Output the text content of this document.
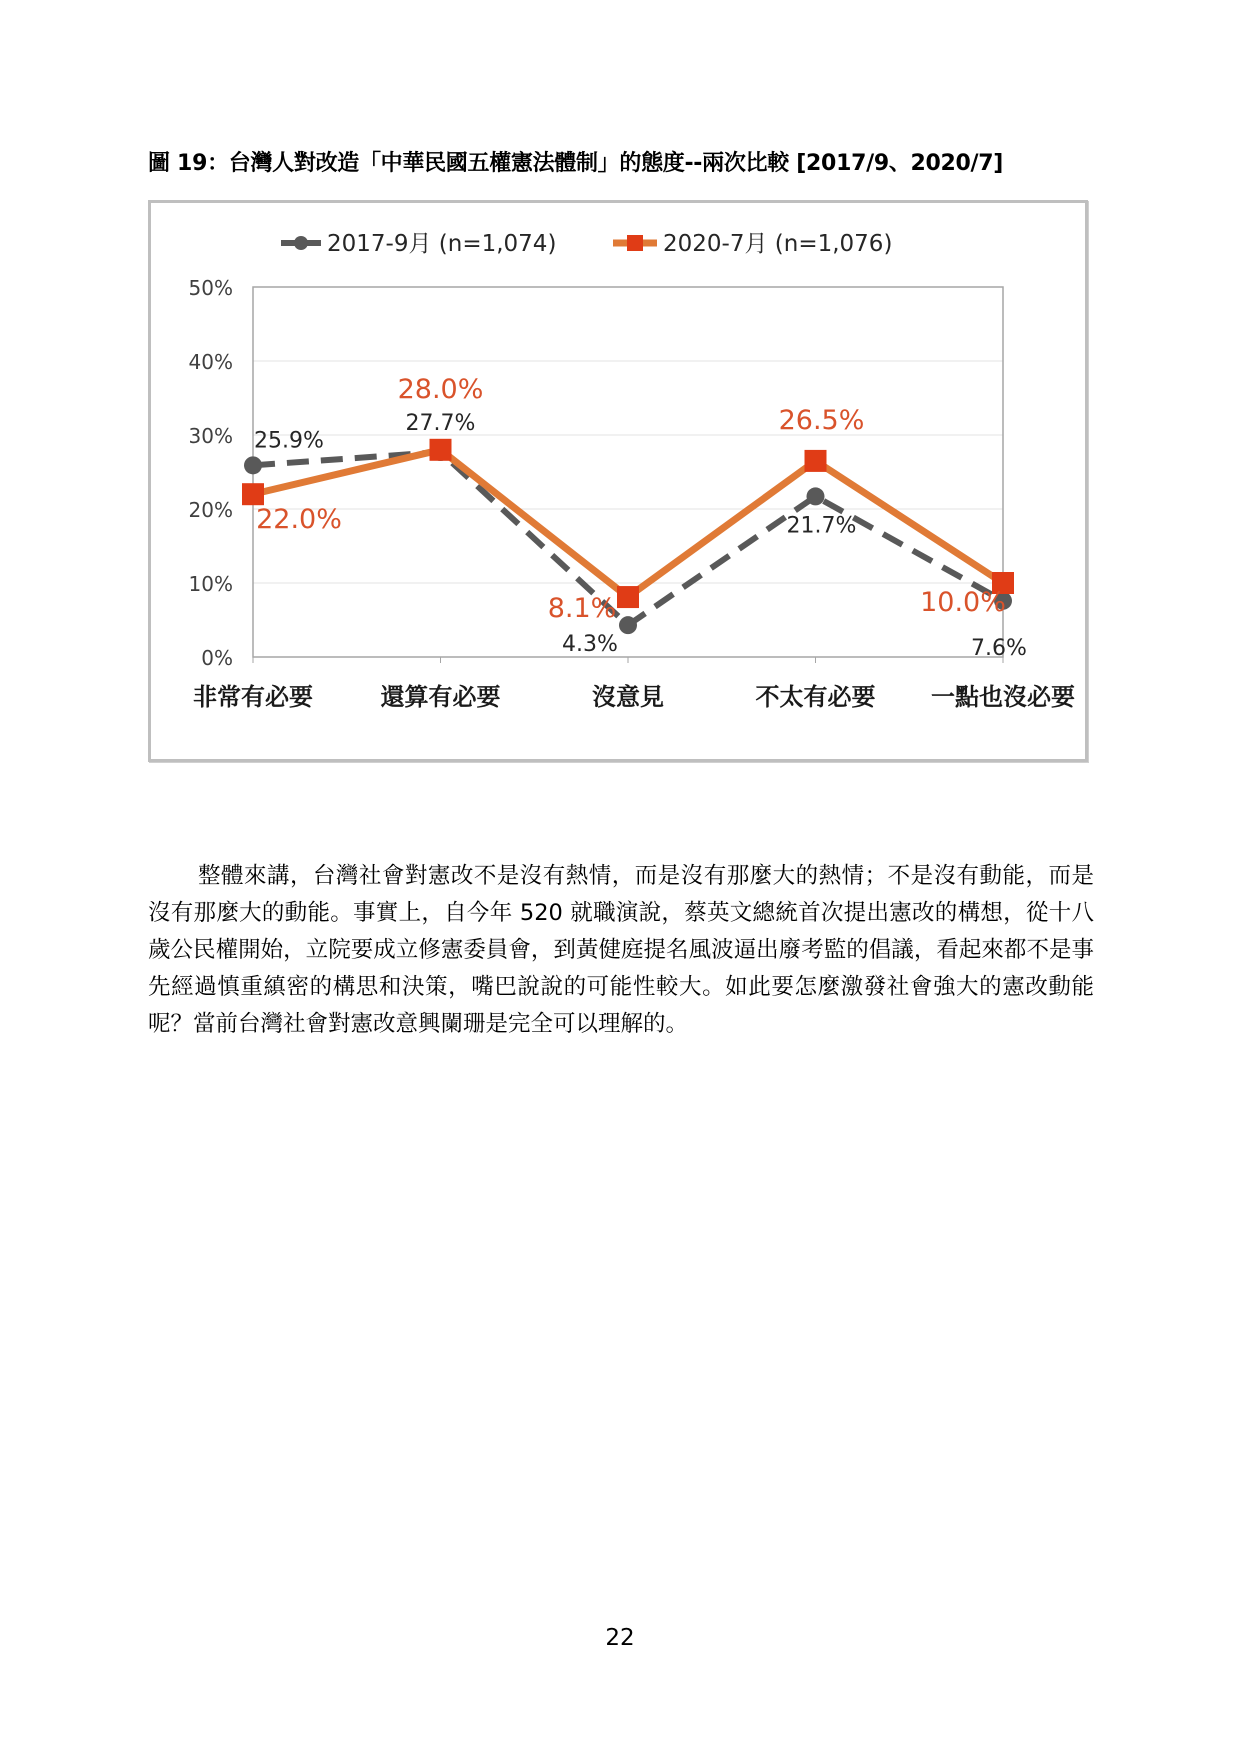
圖 19：台灣人對改造「中華民國五權憲法體制」的態度--兩次比較 [2017/9、2020/7]
0%
10%
20%
30%
40%
50%
非常有必要	還算有必要	沒意見	不太有必要 一點也沒必要
25.9%
27.7%
4.3%
21.7%
7.6%
22.0%
28.0%
8.1%
26.5%
10.0%
2017-9月 (n=1,074)	2020-7月 (n=1,076)

整體來講，台灣社會對憲改不是沒有熱情，而是沒有那麼大的熱情；不是沒有動能，而是沒有那麼大的動能。事實上，自今年 520 就職演說，蔡英文總統首次提出憲改的構想，從十八歲公民權開始，立院要成立修憲委員會，到黃健庭提名風波逼出廢考監的倡議，看起來都不是事先經過慎重縝密的構思和決策，嘴巴說說的可能性較大。如此要怎麼激發社會強大的憲改動能呢？當前台灣社會對憲改意興闌珊是完全可以理解的。

22
